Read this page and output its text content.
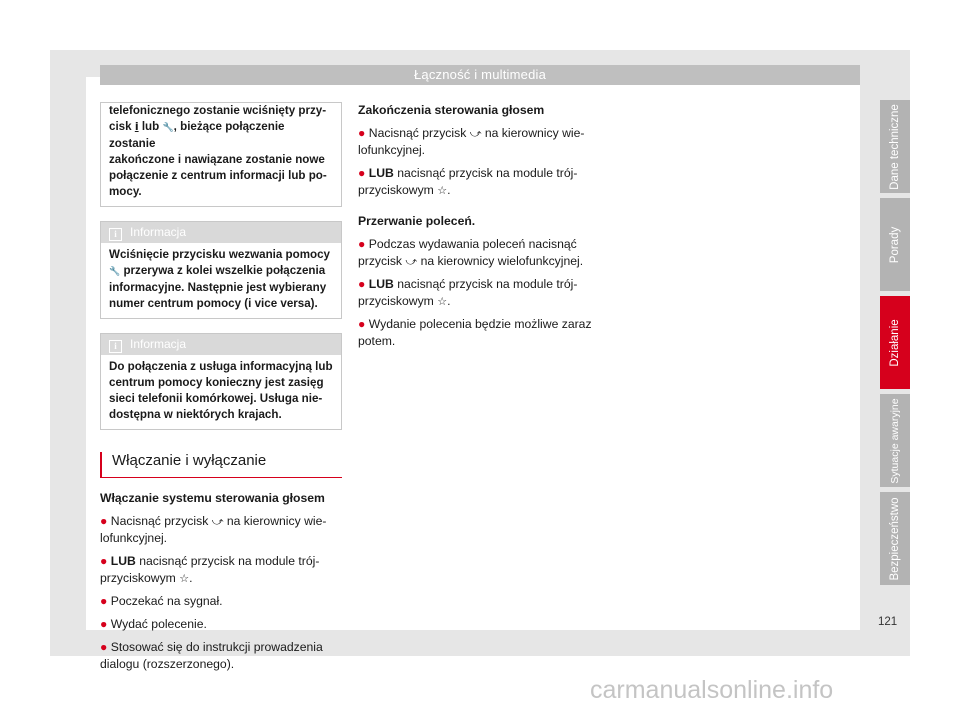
Łączność i multimedia
telefonicznego zostanie wciśnięty przy-
cisk i lub 🔧, bieżące połączenie zostanie
zakończone i nawiązane zostanie nowe
połączenie z centrum informacji lub po-
mocy.
i Informacja
Wciśnięcie przycisku wezwania pomocy
🔧 przerywa z kolei wszelkie połączenia
informacyjne. Następnie jest wybierany
numer centrum pomocy (i vice versa).
i Informacja
Do połączenia z usługa informacyjną lub
centrum pomocy konieczny jest zasięg
sieci telefonii komórkowej. Usługa nie-
dostępna w niektórych krajach.
Włączanie i wyłączanie
Włączanie systemu sterowania głosem
● Nacisnąć przycisk ⤻ na kierownicy wie-
lofunkcyjnej.
● LUB nacisnąć przycisk na module trój-
przyciskowym ☆.
● Poczekać na sygnał.
● Wydać polecenie.
● Stosować się do instrukcji prowadzenia
dialogu (rozszerzonego).
Zakończenia sterowania głosem
● Nacisnąć przycisk ⤻ na kierownicy wie-
lofunkcyjnej.
● LUB nacisnąć przycisk na module trój-
przyciskowym ☆.
Przerwanie poleceń.
● Podczas wydawania poleceń nacisnąć
przycisk ⤻ na kierownicy wielofunkcyjnej.
● LUB nacisnąć przycisk na module trój-
przyciskowym ☆.
● Wydanie polecenia będzie możliwe zaraz
potem.
Dane techniczne
Porady
Działanie
Sytuacje awaryjne
Bezpieczeństwo
121
carmanualsonline.info
